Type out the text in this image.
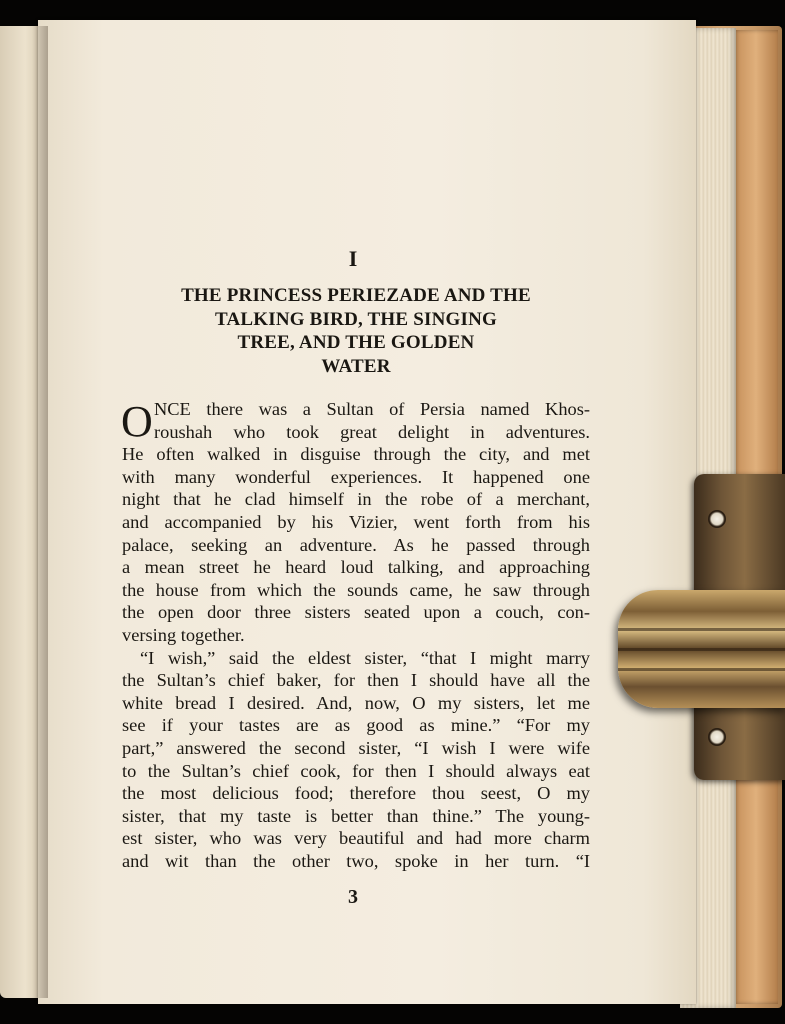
I
THE PRINCESS PERIEZADE AND THE
TALKING BIRD, THE SINGING
TREE, AND THE GOLDEN
WATER
O NCE there was a Sultan of Persia named Khos-
roushah who took great delight in adventures.
He often walked in disguise through the city, and met
with many wonderful experiences. It happened one
night that he clad himself in the robe of a merchant,
and accompanied by his Vizier, went forth from his
palace, seeking an adventure. As he passed through
a mean street he heard loud talking, and approaching
the house from which the sounds came, he saw through
the open door three sisters seated upon a couch, con-
versing together.
“I wish,” said the eldest sister, “that I might marry
the Sultan’s chief baker, for then I should have all the
white bread I desired. And, now, O my sisters, let me
see if your tastes are as good as mine.” “For my
part,” answered the second sister, “I wish I were wife
to the Sultan’s chief cook, for then I should always eat
the most delicious food; therefore thou seest, O my
sister, that my taste is better than thine.” The young-
est sister, who was very beautiful and had more charm
and wit than the other two, spoke in her turn. “I
3
